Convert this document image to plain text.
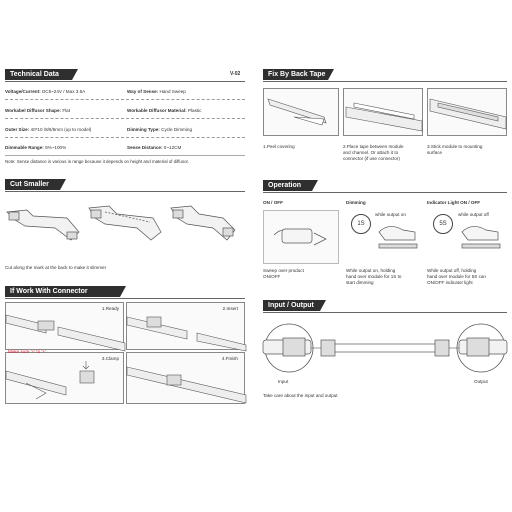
Technical Data	V-02
Voltage/Current: DC5~24V / Max 3.5A	Way of Sense: Hand Sweep
Workabel Diffusor Shape: Flat	Workable Diffusor Material: Plastic
Outer Size: 40*10 /8/6/5mm (up to model)	Dimming Type: Cycle Dimming
Dimmable Range: 5%~100%	Sense Distance: 0~12CM
Note: Sense distance is various in range because it depends on height and material of diffusor.
Cut Smaller
Cut along the mark at the back to make it slimmer
If Work With Connector
1.Ready	2.Insert
3.Clamp
Make sure '+' to '+'
4.Finish
Fix By Back Tape
1.Peel covering	2.Place tape between module
and channel. Or attach it to
connector (if use connector)
3.Stick module to mounting
surface
Operation
ON / OFF	Dimming	Indicator Light ON / OFF
while output on	while output off
1S	5S
Sweep over product
ON/OFF
While output on, holding
hand over module for 1S to
start dimming
While output off, holding
hand over module for 5S can
ON/OFF indicator light
Input / Output
Input	Output
Take care about the input and output
